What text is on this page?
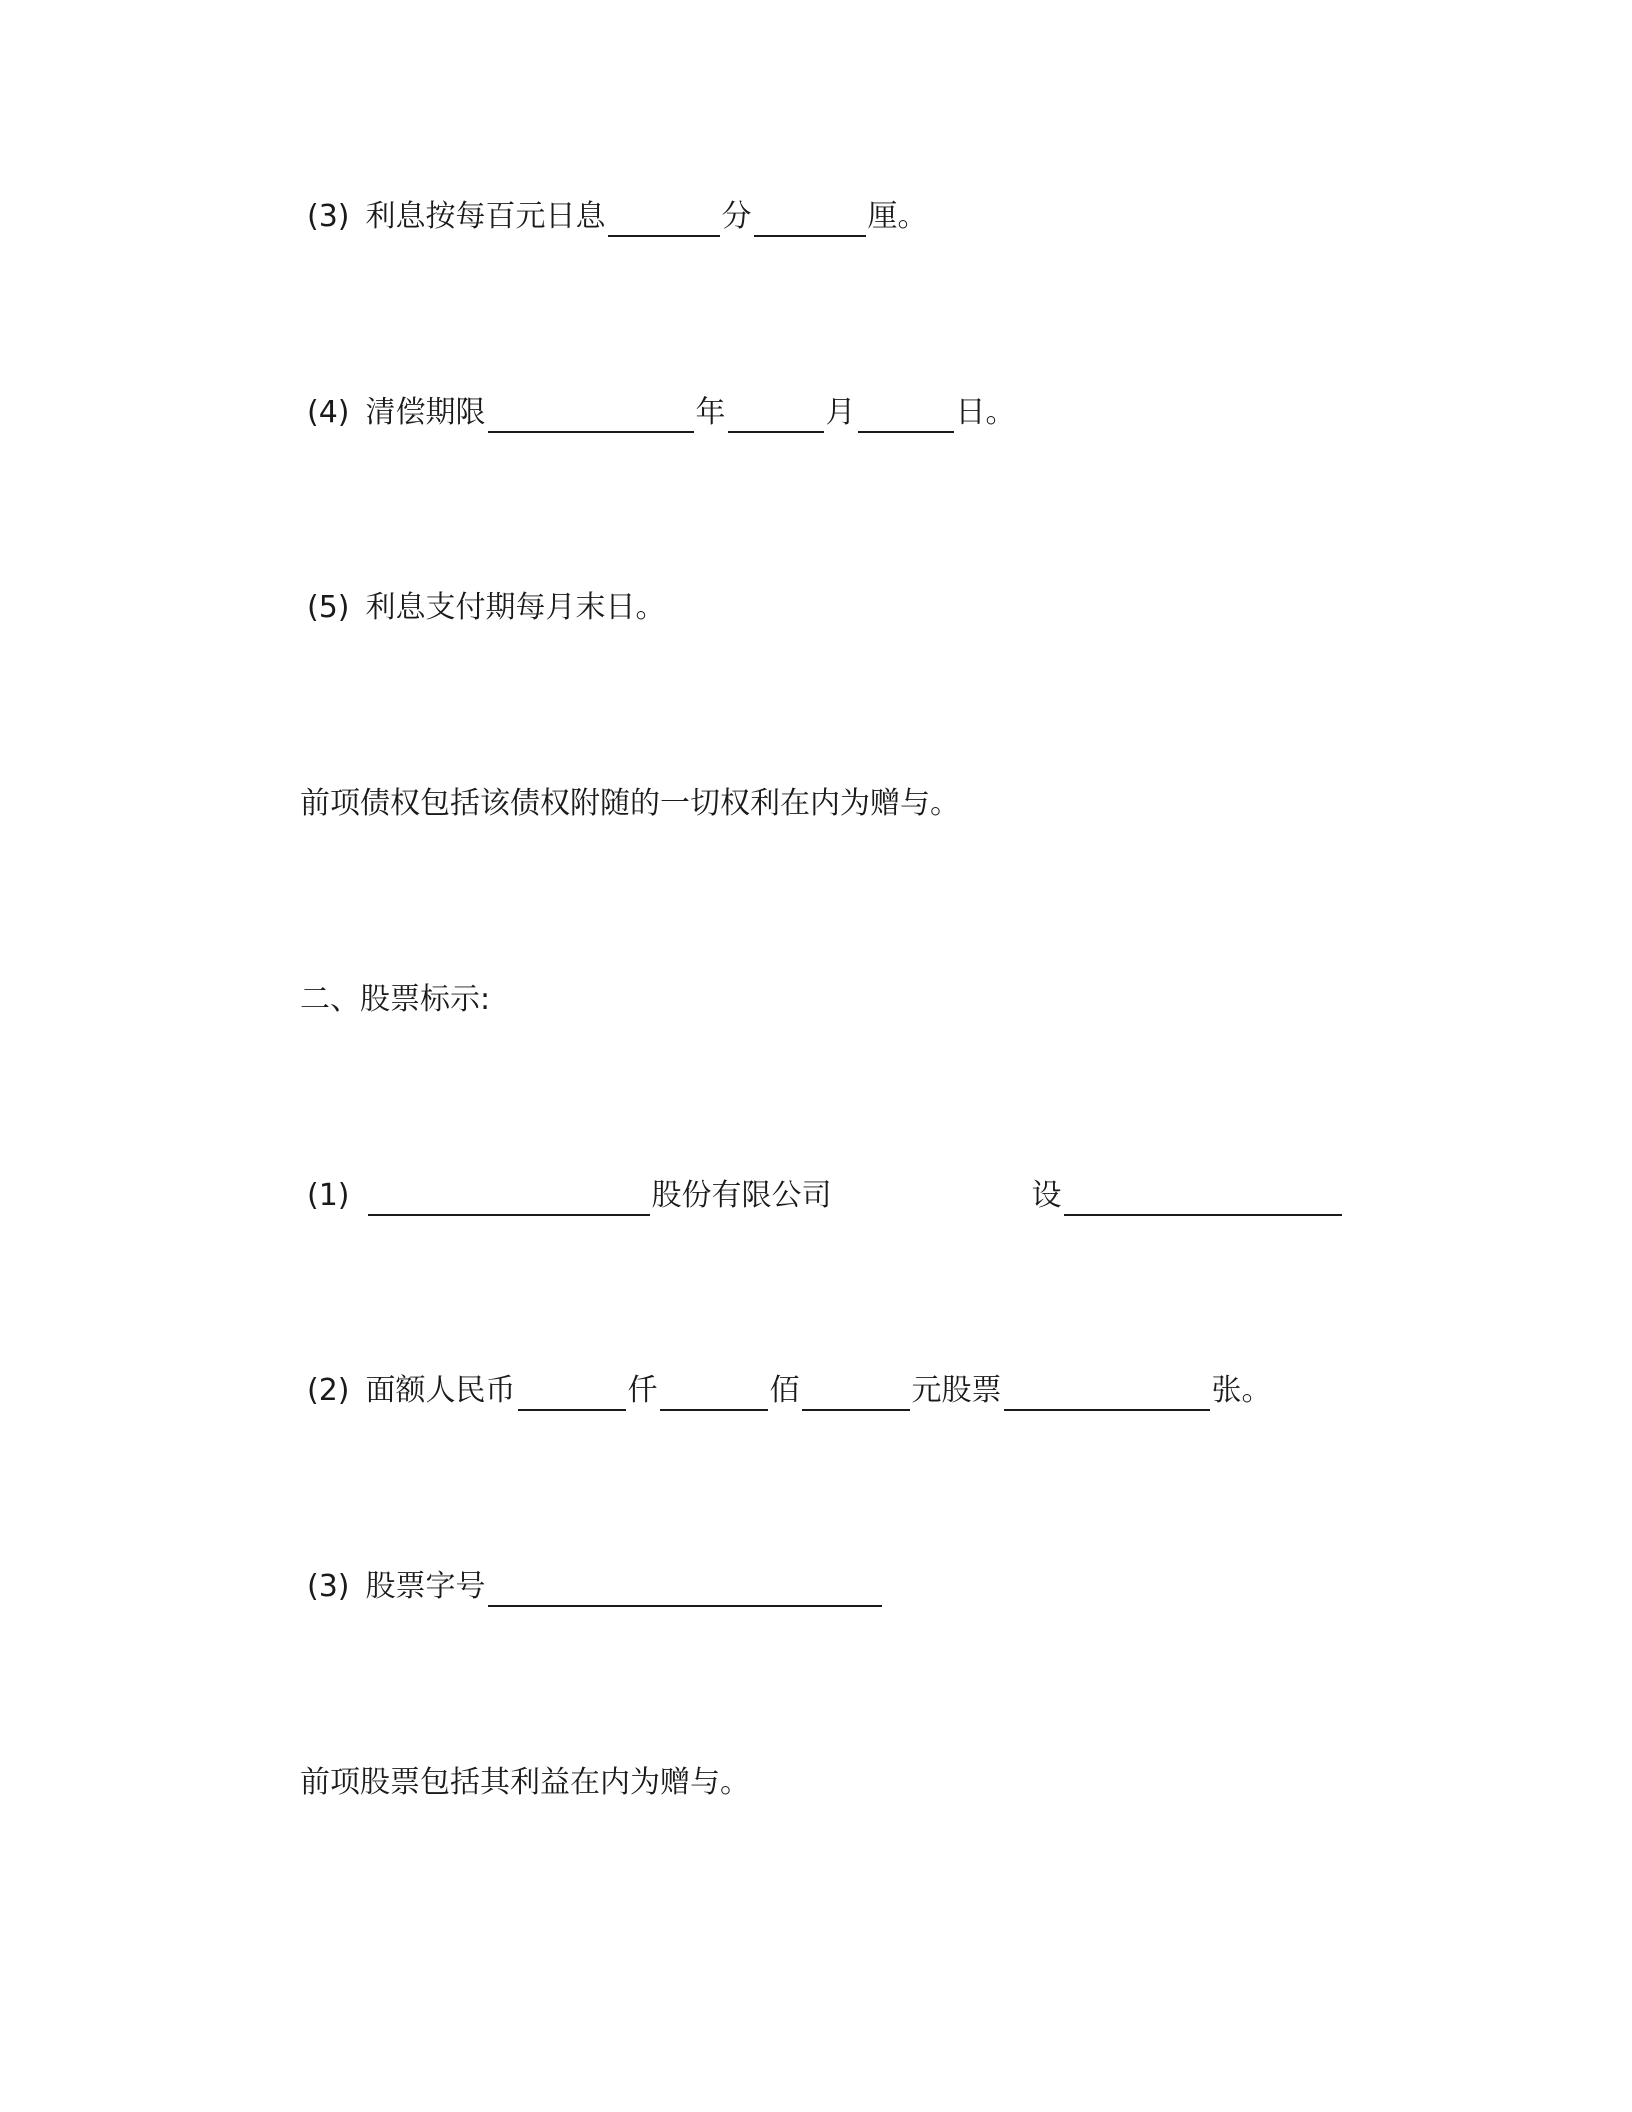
(3) 利息按每百元日息	分	厘。
(4) 清偿期限	年	月	日。
(5) 利息支付期每月末日。
前项债权包括该债权附随的一切权利在内为赠与。
二、股票标示:
(1)	股份有限公司	设
(2) 面额人民币	仟	佰	元股票	张。
(3) 股票字号
前项股票包括其利益在内为赠与。
